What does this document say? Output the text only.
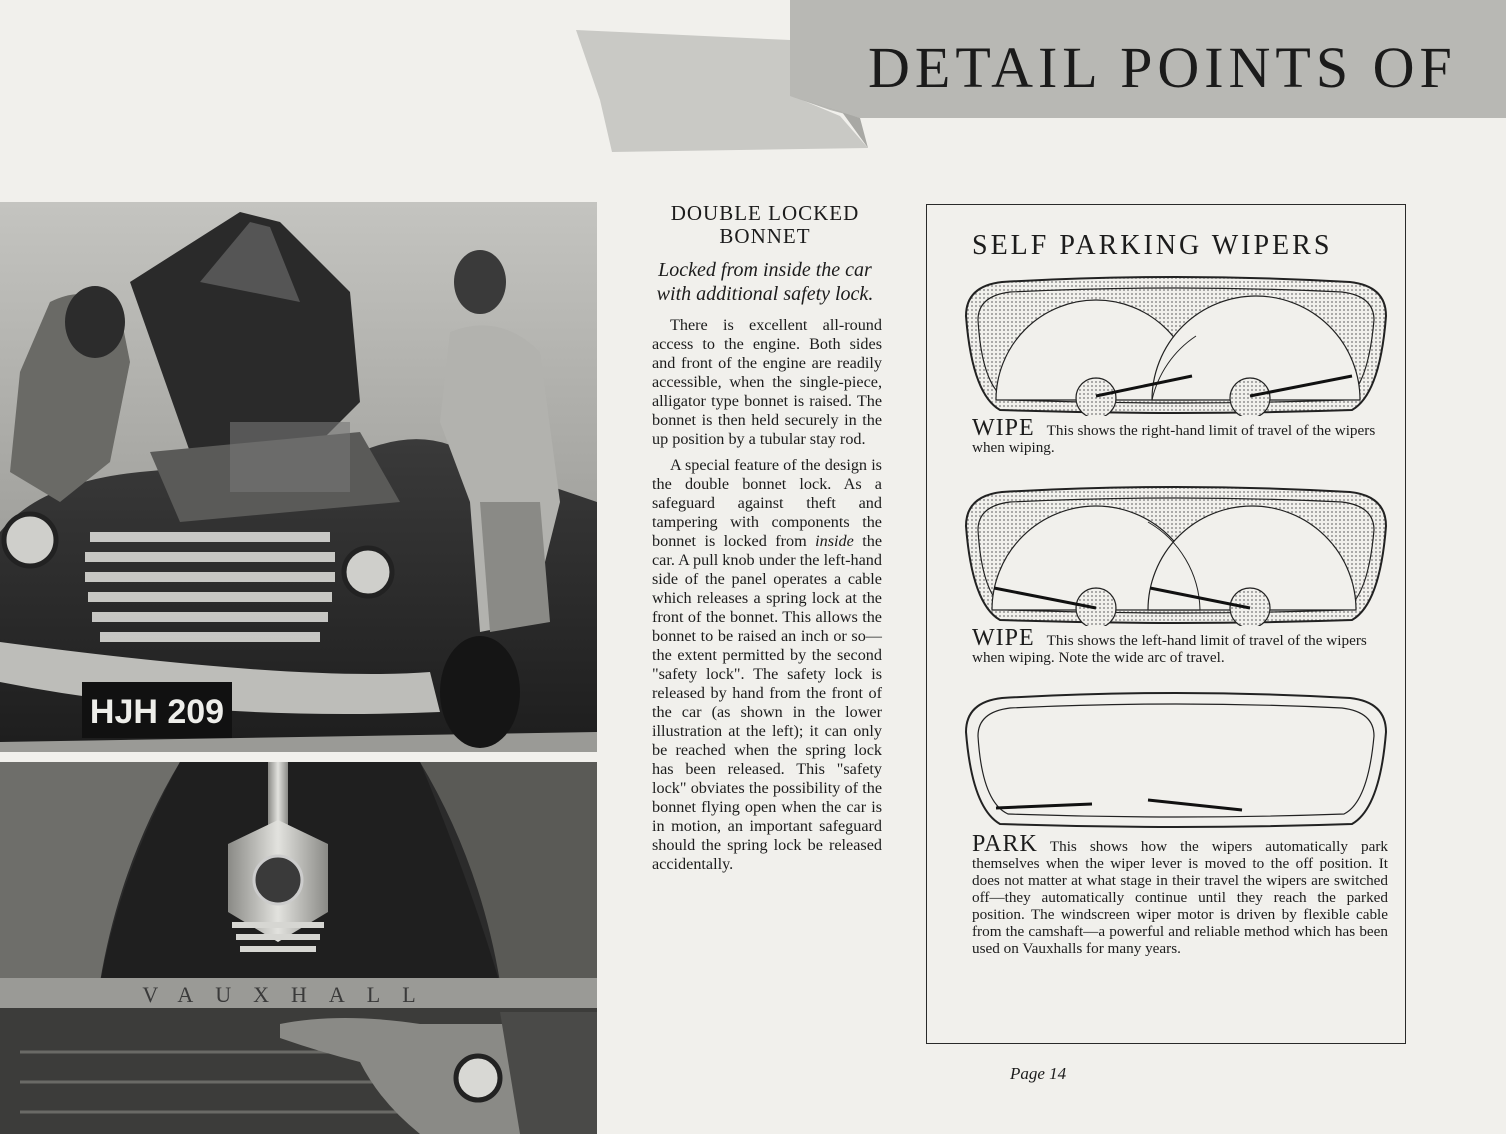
DETAIL POINTS OF
HJH 209
VAUXHALL
DOUBLE LOCKED
BONNET
Locked from inside the car
with additional safety lock.

There is excellent all-round access to the engine. Both sides and front of the engine are readily accessible, when the single-piece, alligator type bonnet is raised. The bonnet is then held securely in the up position by a tubular stay rod.

A special feature of the design is the double bonnet lock. As a safeguard against theft and tampering with components the bonnet is locked from inside the car. A pull knob under the left-hand side of the panel operates a cable which releases a spring lock at the front of the bonnet. This allows the bonnet to be raised an inch or so—the extent permitted by the second "safety lock". The safety lock is released by hand from the front of the car (as shown in the lower illustration at the left); it can only be reached when the spring lock has been released. This "safety lock" obviates the possibility of the bonnet flying open when the car is in motion, an important safeguard should the spring lock be released accidentally.

SELF PARKING WIPERS
WIPE This shows the right-hand limit of travel of the wipers when wiping.
WIPE This shows the left-hand limit of travel of the wipers when wiping. Note the wide arc of travel.
PARK This shows how the wipers automatically park themselves when the wiper lever is moved to the off position. It does not matter at what stage in their travel the wipers are switched off—they automatically continue until they reach the parked position. The windscreen wiper motor is driven by flexible cable from the camshaft—a powerful and reliable method which has been used on Vauxhalls for many years.
Page 14
